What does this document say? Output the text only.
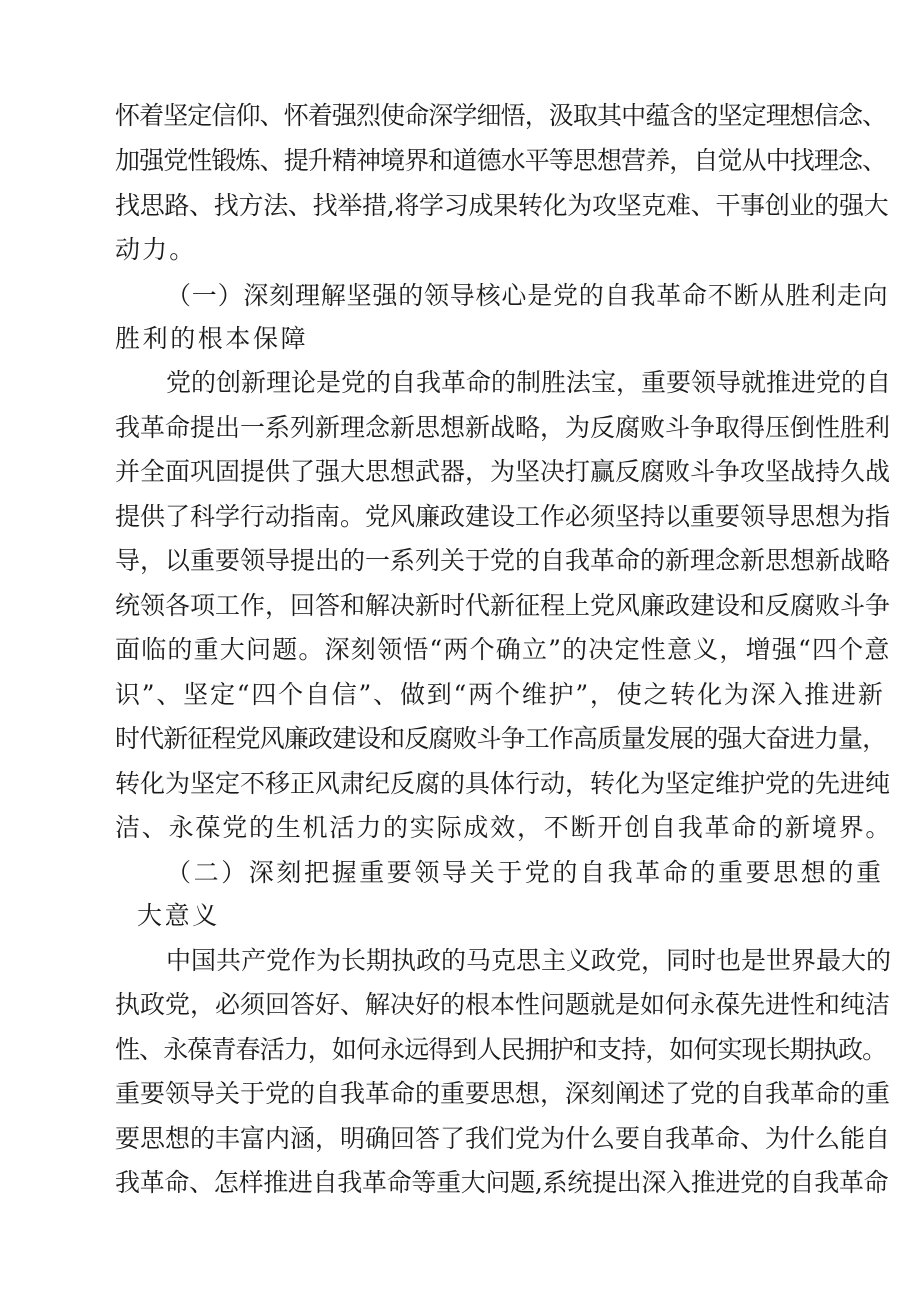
怀着坚定信仰、怀着强烈使命深学细悟，汲取其中蕴含的坚定理想信念、
加强党性锻炼、提升精神境界和道德水平等思想营养，自觉从中找理念、
找思路、找方法、找举措,将学习成果转化为攻坚克难、干事创业的强大
动力。
（一）深刻理解坚强的领导核心是党的自我革命不断从胜利走向
胜利的根本保障
党的创新理论是党的自我革命的制胜法宝，重要领导就推进党的自
我革命提出一系列新理念新思想新战略，为反腐败斗争取得压倒性胜利
并全面巩固提供了强大思想武器，为坚决打赢反腐败斗争攻坚战持久战
提供了科学行动指南。党风廉政建设工作必须坚持以重要领导思想为指
导，以重要领导提出的一系列关于党的自我革命的新理念新思想新战略
统领各项工作，回答和解决新时代新征程上党风廉政建设和反腐败斗争
面临的重大问题。深刻领悟“两个确立”的决定性意义，增强“四个意
识”、坚定“四个自信”、做到“两个维护”，使之转化为深入推进新
时代新征程党风廉政建设和反腐败斗争工作高质量发展的强大奋进力量，
转化为坚定不移正风肃纪反腐的具体行动，转化为坚定维护党的先进纯
洁、永葆党的生机活力的实际成效，不断开创自我革命的新境界。
（二）深刻把握重要领导关于党的自我革命的重要思想的重
大意义
中国共产党作为长期执政的马克思主义政党，同时也是世界最大的
执政党，必须回答好、解决好的根本性问题就是如何永葆先进性和纯洁
性、永葆青春活力，如何永远得到人民拥护和支持，如何实现长期执政。
重要领导关于党的自我革命的重要思想，深刻阐述了党的自我革命的重
要思想的丰富内涵，明确回答了我们党为什么要自我革命、为什么能自
我革命、怎样推进自我革命等重大问题,系统提出深入推进党的自我革命
